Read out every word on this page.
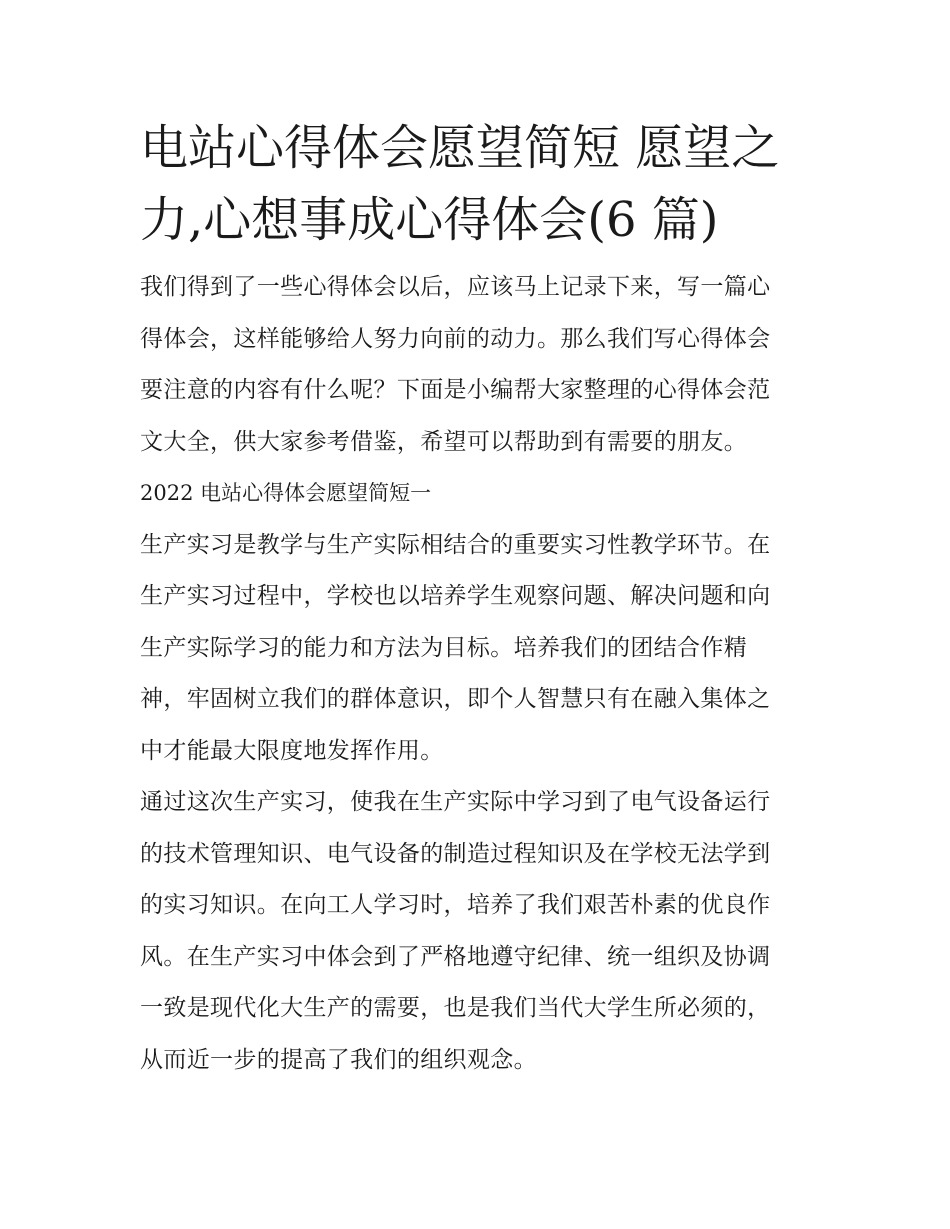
电站心得体会愿望简短 愿望之
力,心想事成心得体会(6 篇)
我们得到了一些心得体会以后，应该马上记录下来，写一篇心
得体会，这样能够给人努力向前的动力。那么我们写心得体会
要注意的内容有什么呢？下面是小编帮大家整理的心得体会范
文大全，供大家参考借鉴，希望可以帮助到有需要的朋友。
2022 电站心得体会愿望简短一
生产实习是教学与生产实际相结合的重要实习性教学环节。在
生产实习过程中，学校也以培养学生观察问题、解决问题和向
生产实际学习的能力和方法为目标。培养我们的团结合作精
神，牢固树立我们的群体意识，即个人智慧只有在融入集体之
中才能最大限度地发挥作用。
通过这次生产实习，使我在生产实际中学习到了电气设备运行
的技术管理知识、电气设备的制造过程知识及在学校无法学到
的实习知识。在向工人学习时，培养了我们艰苦朴素的优良作
风。在生产实习中体会到了严格地遵守纪律、统一组织及协调
一致是现代化大生产的需要，也是我们当代大学生所必须的，
从而近一步的提高了我们的组织观念。
